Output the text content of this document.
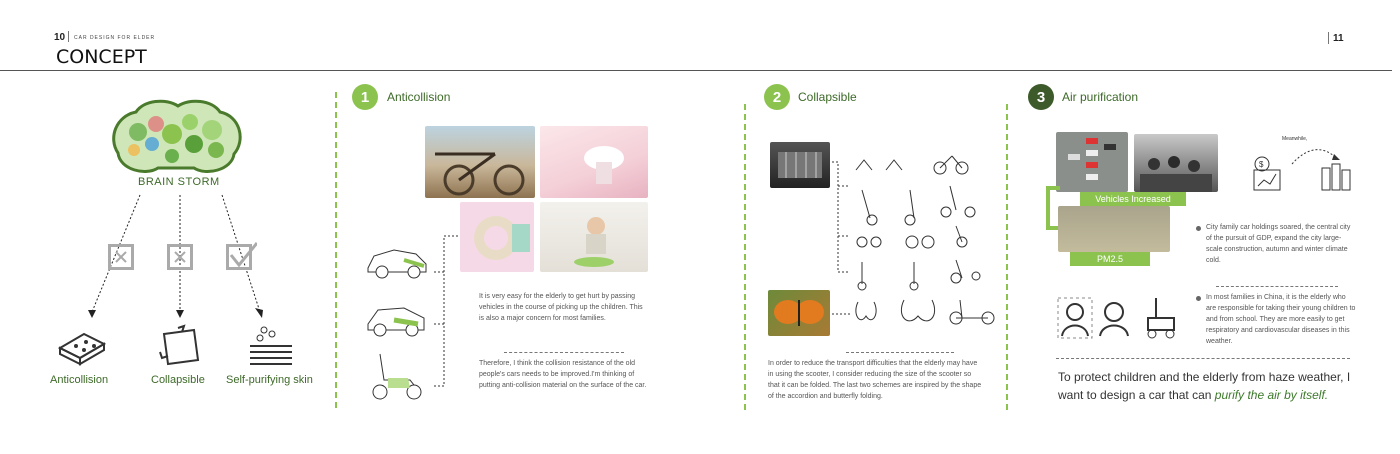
10 CAR DESIGN FOR ELDER
CONCEPT
11
BRAIN STORM
Anticollision	Collapsible Self-purifying skin
1	Anticollision
It is very easy for the elderly to get hurt by passing vehicles in the course of picking up the children. This is also a major concern for most families.
Therefore, I think the collision resistance of the old people's cars needs to be improved.I'm thinking of putting anti-collision material on the surface of the car.
2	Collapsible
In order to reduce the transport difficulties that the elderly may have in using the scooter, I consider reducing the size of the scooter so that it can be folded. The last two schemes are inspired by the shape of the accordion and butterfly folding.
3	Air purification
Vehicles Increased
PM2.5
$
Meanwhile,
City family car holdings soared, the central city of the pursuit of GDP, expand the city large-scale construction, autumn and winter climate cold.
In most families in China, it is the elderly who are responsible for taking their young children to and from school. They are more easily to get respiratory and cardiovascular diseases in this weather.
To protect children and the elderly from haze weather, I want to design a car that can purify the air by itself.
